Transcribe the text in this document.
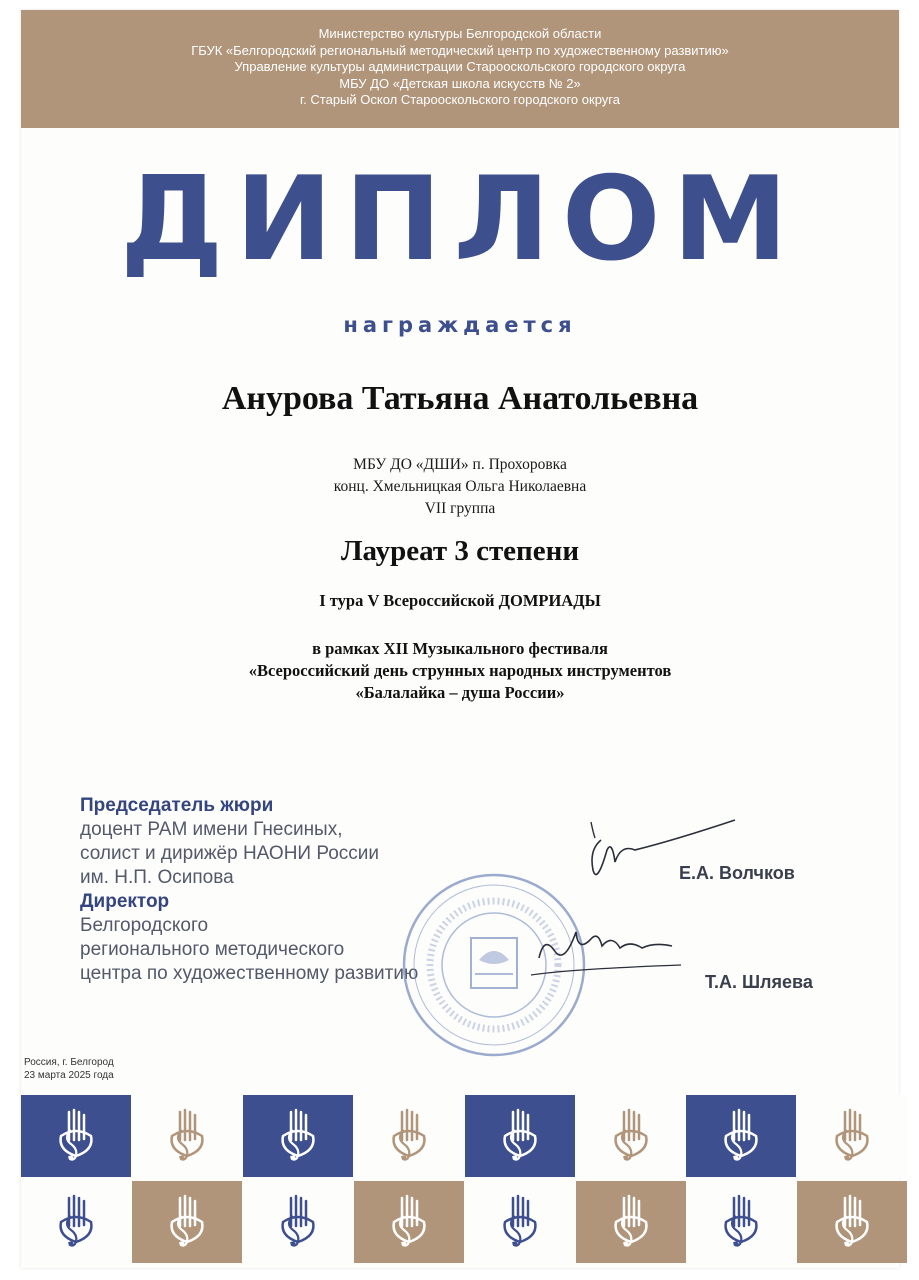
Министерство культуры Белгородской области
ГБУК «Белгородский региональный методический центр по художественному развитию»
Управление культуры администрации Старооскольского городского округа
МБУ ДО «Детская школа искусств № 2»
г. Старый Оскол Старооскольского городского округа
ДИПЛОМ
награждается
Анурова Татьяна Анатольевна
МБУ ДО «ДШИ» п. Прохоровка
конц. Хмельницкая Ольга Николаевна
VII группа
Лауреат 3 степени
I тура V Всероссийской ДОМРИАДЫ
в рамках XII Музыкального фестиваля
«Всероссийский день струнных народных инструментов
«Балалайка – душа России»
Председатель жюри
доцент РАМ имени Гнесиных,
солист и дирижёр НАОНИ России
им. Н.П. Осипова
Директор
Белгородского
регионального методического
центра по художественному развитию
Е.А. Волчков
Т.А. Шляева
Россия, г. Белгород
23 марта 2025 года
